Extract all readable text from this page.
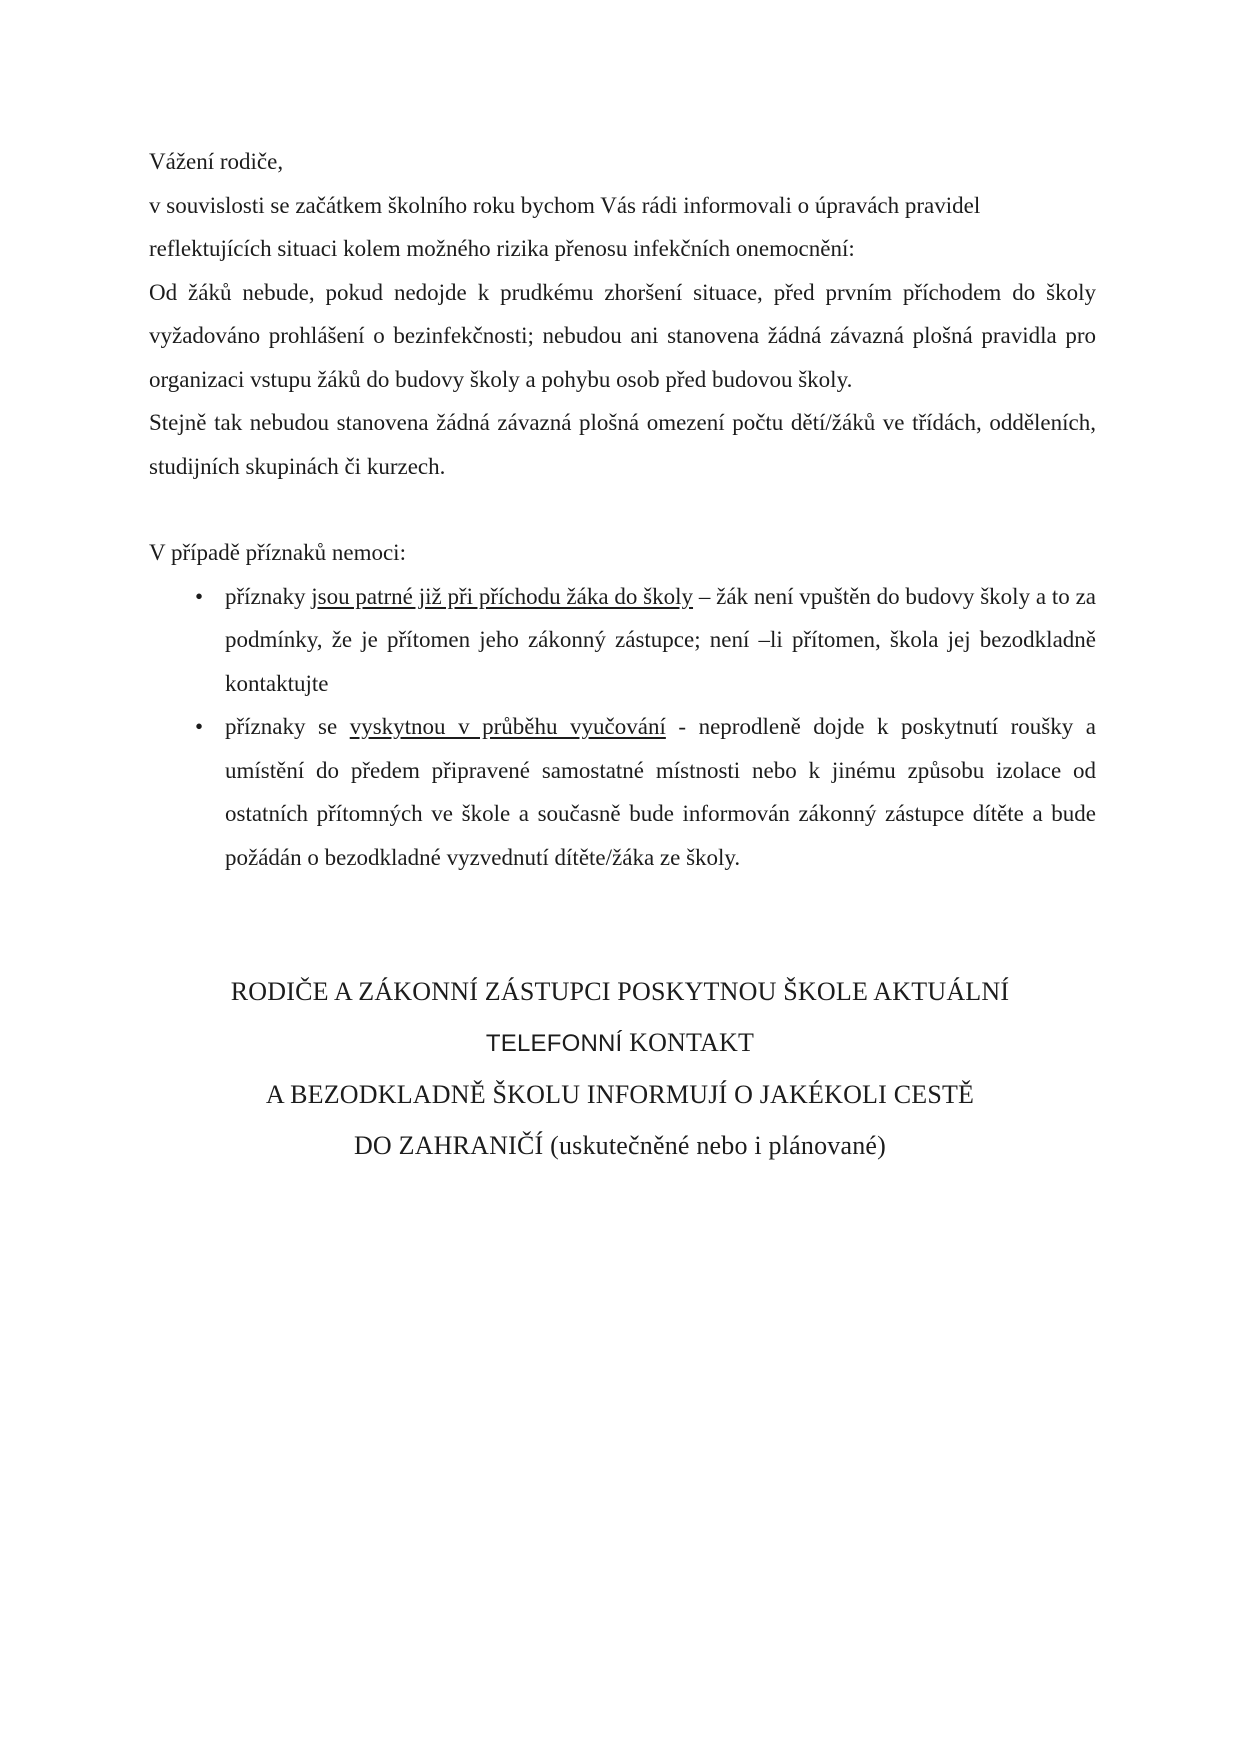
Vážení rodiče,

v souvislosti se začátkem školního roku bychom Vás rádi informovali o úpravách pravidel

reflektujících situaci kolem možného rizika přenosu infekčních onemocnění:

Od žáků nebude, pokud nedojde k prudkému zhoršení situace, před prvním příchodem do školy vyžadováno prohlášení o bezinfekčnosti; nebudou ani stanovena žádná závazná plošná pravidla pro organizaci vstupu žáků do budovy školy a pohybu osob před budovou školy.

Stejně tak nebudou stanovena žádná závazná plošná omezení počtu dětí/žáků ve třídách, odděleních, studijních skupinách či kurzech.

V případě příznaků nemoci:

• příznaky jsou patrné již při příchodu žáka do školy – žák není vpuštěn do budovy školy a to za podmínky, že je přítomen jeho zákonný zástupce; není –li přítomen, škola jej bezodkladně kontaktujte
• příznaky se vyskytnou v průběhu vyučování - neprodleně dojde k poskytnutí roušky a umístění do předem připravené samostatné místnosti nebo k jinému způsobu izolace od ostatních přítomných ve škole a současně bude informován zákonný zástupce dítěte a bude požádán o bezodkladné vyzvednutí dítěte/žáka ze školy.
RODIČE A ZÁKONNÍ ZÁSTUPCI POSKYTNOU ŠKOLE AKTUÁLNÍ
TELEFONNÍ KONTAKT
A BEZODKLADNĚ ŠKOLU INFORMUJÍ O JAKÉKOLI CESTĚ
DO ZAHRANIČÍ (uskutečněné nebo i plánované)
